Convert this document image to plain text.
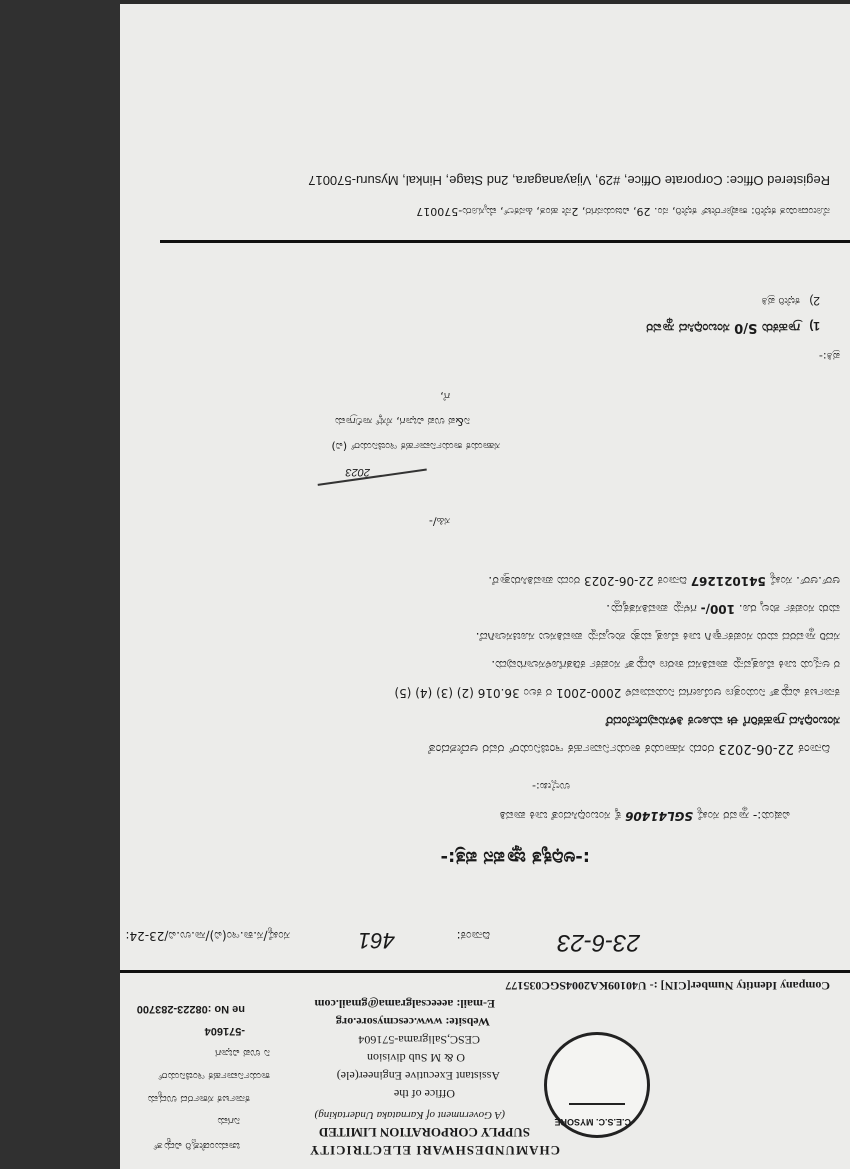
CHAMUNDESHWARI ELECTRICITY
SUPPLY CORPORATION LIMITED
(A Government of Karnataka Undertaking)
Office of the
Assistant Executive Engineer(ele)
O & M Sub division
CESC,Saligrama-571604
Website: www.cescmysore.org
E-mail: aeeecsalgrama@gmail.com
Company Identity Number[CIN] :- U40109KA2004SGC035177
C.E.S.C. MYSORE
ಚಾಮುಂಡೇಶ್ವರಿ ವಿದ್ಯುತ್
ನಿಗಮ
ಕರ್ನಾಟಕ ಸರ್ಕಾರದ ಉದ್ಯಮ
ಕಾರ್ಯನಿರ್ವಾಹಕ ಇಂಜಿನಿಯರ್
ನಿ ಉಪ ವಿಭಾಗ
-571604
ne No :08223-283700
ಸಂಖ್ಯೆ/ಸ.ಕಾ.ಇಂ(ವಿ)/ಸಾ.ಉ.ವಿ/23-24:	461	ದಿನಾಂಕ:	23-6-23
:-ಅಧಿಕೃತ ಜ್ಞಾಪನ ಪತ್ರ:-
ವಿಷಯ:- ಸ್ಥಾವರ ಸಂಖ್ಯೆ SGL41406 ಕ್ಕೆ ಸಂಬಂಧಿಸಿದಂತೆ ಬಾಕಿ ಪಾವತಿ
ಉಲ್ಲೇಖ:-
ದಿನಾಂಕ 22-06-2023 ರಂದು ಸಹಾಯಕ ಕಾರ್ಯನಿರ್ವಾಹಕ ಇಂಜಿನಿಯರ್ ರವರ ಆದೇಶದಂತೆ
ಸಂಬಂಧಿಸಿದ ಗ್ರಾಹಕರಿಗೆ ಈ ಮೂಲಕ ತಿಳಿಸುವುದೇನೆಂದರೆ
ಕರ್ನಾಟಕ ವಿದ್ಯುತ್ ನಿಯಂತ್ರಣ ಆಯೋಗದ ನಿಯಮಾವಳಿ 2000-2001 ರ ಕಲಂ 36.016 (2) (3) (4) (5)
ರ ಅನ್ವಯ ಬಾಕಿ ಮೊತ್ತವನ್ನು ಪಾವತಿಸದ ಕಾರಣ ವಿದ್ಯುತ್ ಸಂಪರ್ಕ ಕಡಿತಗೊಳಿಸಲಾಗುವುದು.
ಸದರಿ ಸ್ಥಾವರದ ಮರು ಸಂಪರ್ಕಕ್ಕಾಗಿ ಬಾಕಿ ಮೊತ್ತ ಮತ್ತು ಶುಲ್ಕವನ್ನು ಪಾವತಿಸಲು ಸೂಚಿಸಲಾಗಿದೆ.
ಮರು ಸಂಪರ್ಕ ಶುಲ್ಕ ರೂ. 100/- ಗಳನ್ನು ಪಾವತಿಸತಕ್ಕದ್ದು.
ಆರ್.ಆರ್. ಸಂಖ್ಯೆ 541021267 ದಿನಾಂಕ 22-06-2023 ರಂದು ಪಾವತಿಸಿರುತ್ತಾರೆ.
ಸಹಿ/-
2023
ಸಹಾಯಕ ಕಾರ್ಯನಿರ್ವಾಹಕ ಇಂಜಿನಿಯರ್ (ವಿ)
ನಿ&ಪ ಉಪ ವಿಭಾಗ, ಸೆಸ್ಕ್ ಸಾಲಿಗ್ರಾಮ
ಗೆ,
ಪ್ರತಿ:-
1)
ಗ್ರಾಹಕರು S/0 ಸಂಬಂಧಿಸಿದ ಸ್ಥಾವರ
2)
ಕಛೇರಿ ಪ್ರತಿ
ನೋಂದಾಯಿತ ಕಛೇರಿ: ಕಾರ್ಪೊರೇಟ್ ಕಛೇರಿ, ನಂ. 29, ವಿಜಯನಗರ, 2ನೇ ಹಂತ, ಹಿನಕಲ್, ಮೈಸೂರು-570017
Registered Office: Corporate Office, #29, Vijayanagara, 2nd Stage, Hinkal, Mysuru-570017
